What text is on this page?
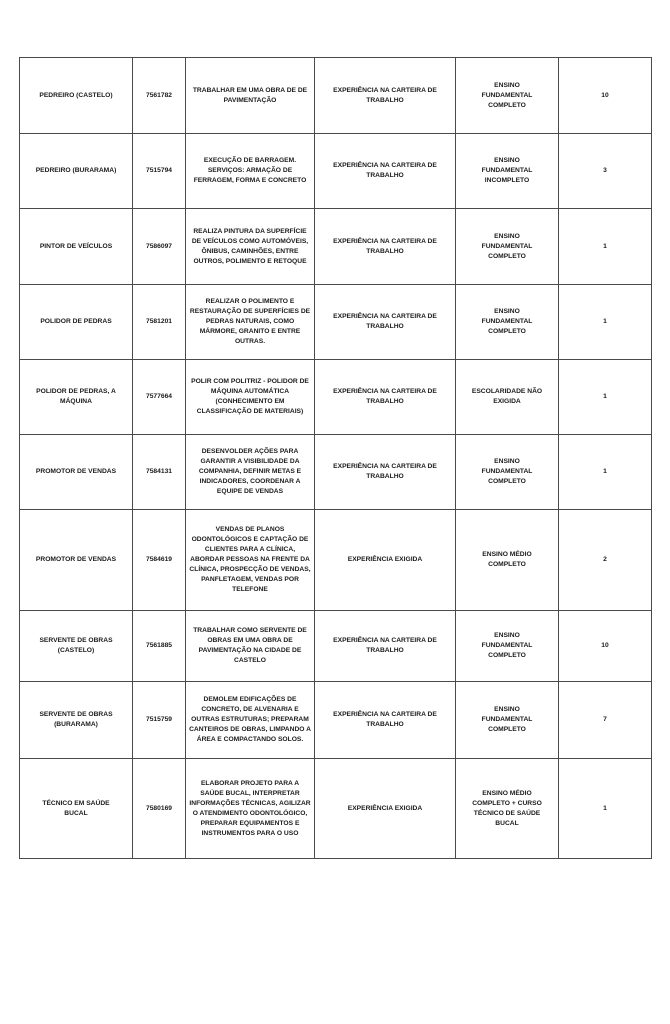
PEDREIRO (CASTELO)	7561782	TRABALHAR EM UMA OBRA DE DE PAVIMENTAÇÃO	EXPERIÊNCIA NA CARTEIRA DE TRABALHO	ENSINO FUNDAMENTAL COMPLETO	10
PEDREIRO (BURARAMA)	7515794	EXECUÇÃO DE BARRAGEM. SERVIÇOS: ARMAÇÃO DE FERRAGEM, FORMA E CONCRETO	EXPERIÊNCIA NA CARTEIRA DE TRABALHO	ENSINO FUNDAMENTAL INCOMPLETO	3
PINTOR DE VEÍCULOS	7586097	REALIZA PINTURA DA SUPERFÍCIE DE VEÍCULOS COMO AUTOMÓVEIS, ÔNIBUS, CAMINHÕES, ENTRE OUTROS, POLIMENTO E RETOQUE	EXPERIÊNCIA NA CARTEIRA DE TRABALHO	ENSINO FUNDAMENTAL COMPLETO	1
POLIDOR DE PEDRAS	7581201	REALIZAR O POLIMENTO E RESTAURAÇÃO DE SUPERFÍCIES DE PEDRAS NATURAIS, COMO MÁRMORE, GRANITO E ENTRE OUTRAS.	EXPERIÊNCIA NA CARTEIRA DE TRABALHO	ENSINO FUNDAMENTAL COMPLETO	1
POLIDOR DE PEDRAS, A MÁQUINA	7577664	POLIR COM POLITRIZ - POLIDOR DE MÁQUINA AUTOMÁTICA (CONHECIMENTO EM CLASSIFICAÇÃO DE MATERIAIS)	EXPERIÊNCIA NA CARTEIRA DE TRABALHO	ESCOLARIDADE NÃO EXIGIDA	1
PROMOTOR DE VENDAS	7584131	DESENVOLDER AÇÕES PARA GARANTIR A VISIBILIDADE DA COMPANHIA, DEFINIR METAS E INDICADORES, COORDENAR A EQUIPE DE VENDAS	EXPERIÊNCIA NA CARTEIRA DE TRABALHO	ENSINO FUNDAMENTAL COMPLETO	1
PROMOTOR DE VENDAS	7584619	VENDAS DE PLANOS ODONTOLÓGICOS E CAPTAÇÃO DE CLIENTES PARA A CLÍNICA, ABORDAR PESSOAS NA FRENTE DA CLÍNICA, PROSPECÇÃO DE VENDAS, PANFLETAGEM, VENDAS POR TELEFONE	EXPERIÊNCIA EXIGIDA	ENSINO MÉDIO COMPLETO	2
SERVENTE DE OBRAS (CASTELO)	7561885	TRABALHAR COMO SERVENTE DE OBRAS EM UMA OBRA DE PAVIMENTAÇÃO NA CIDADE DE CASTELO	EXPERIÊNCIA NA CARTEIRA DE TRABALHO	ENSINO FUNDAMENTAL COMPLETO	10
SERVENTE DE OBRAS (BURARAMA)	7515759	DEMOLEM EDIFICAÇÕES DE CONCRETO, DE ALVENARIA E OUTRAS ESTRUTURAS; PREPARAM CANTEIROS DE OBRAS, LIMPANDO A ÁREA E COMPACTANDO SOLOS.	EXPERIÊNCIA NA CARTEIRA DE TRABALHO	ENSINO FUNDAMENTAL COMPLETO	7
TÉCNICO EM SAÚDE BUCAL	7580169	ELABORAR PROJETO PARA A SAÚDE BUCAL, INTERPRETAR INFORMAÇÕES TÉCNICAS, AGILIZAR O ATENDIMENTO ODONTOLÓGICO, PREPARAR EQUIPAMENTOS E INSTRUMENTOS PARA O USO	EXPERIÊNCIA EXIGIDA	ENSINO MÉDIO COMPLETO + CURSO TÉCNICO DE SAÚDE BUCAL	1
